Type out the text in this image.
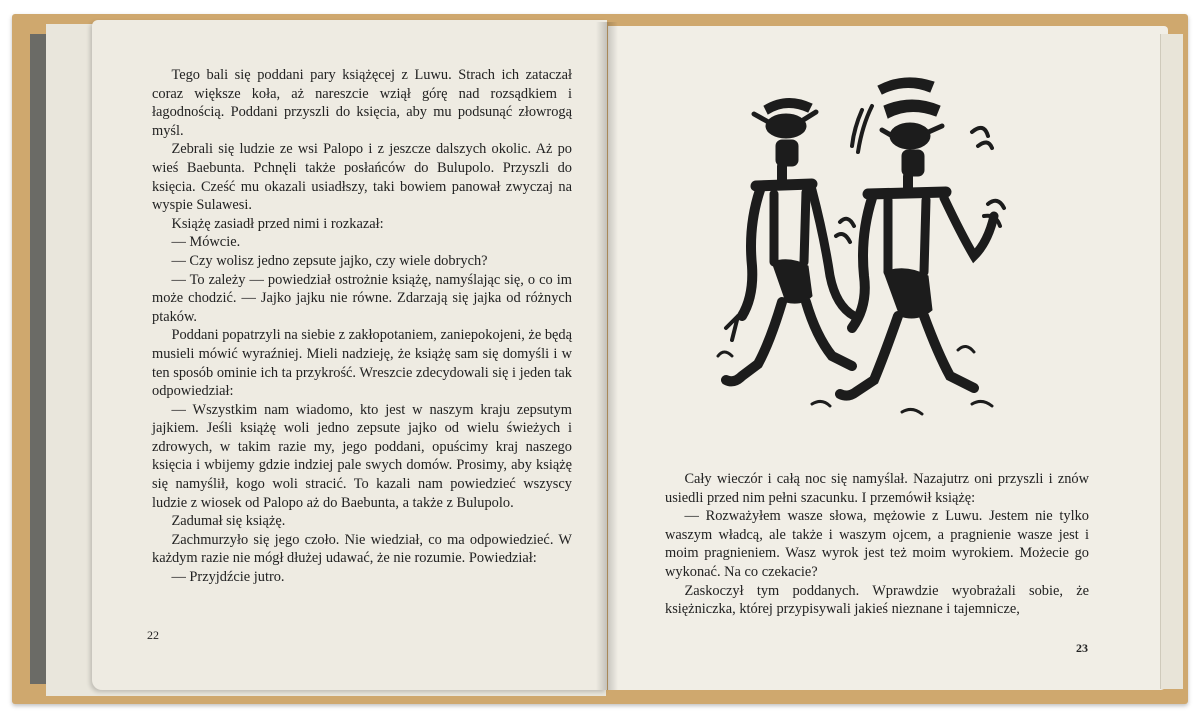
Tego bali się poddani pary książęcej z Luwu. Strach ich zataczał coraz większe koła, aż nareszcie wziął górę nad rozsądkiem i łagodnością. Poddani przyszli do księcia, aby mu podsunąć złowrogą myśl.

Zebrali się ludzie ze wsi Palopo i z jeszcze dalszych okolic. Aż po wieś Baebunta. Pchnęli także posłańców do Bulupolo. Przyszli do księcia. Cześć mu okazali usiadłszy, taki bowiem panował zwyczaj na wyspie Sulawesi.

Książę zasiadł przed nimi i rozkazał:

— Mówcie.

— Czy wolisz jedno zepsute jajko, czy wiele dobrych?

— To zależy — powiedział ostrożnie książę, namyślając się, o co im może chodzić. — Jajko jajku nie równe. Zdarzają się jajka od różnych ptaków.

Poddani popatrzyli na siebie z zakłopotaniem, zaniepokojeni, że będą musieli mówić wyraźniej. Mieli nadzieję, że książę sam się domyśli i w ten sposób ominie ich ta przykrość. Wreszcie zdecydowali się i jeden tak odpowiedział:

— Wszystkim nam wiadomo, kto jest w naszym kraju zepsutym jajkiem. Jeśli książę woli jedno zepsute jajko od wielu świeżych i zdrowych, w takim razie my, jego poddani, opuścimy kraj naszego księcia i wbijemy gdzie indziej pale swych domów. Prosimy, aby książę się namyślił, kogo woli stracić. To kazali nam powiedzieć wszyscy ludzie z wiosek od Palopo aż do Baebunta, a także z Bulupolo.

Zadumał się książę.

Zachmurzyło się jego czoło. Nie wiedział, co ma odpowiedzieć. W każdym razie nie mógł dłużej udawać, że nie rozumie. Powiedział:

— Przyjdźcie jutro.

22

Cały wieczór i całą noc się namyślał. Nazajutrz oni przyszli i znów usiedli przed nim pełni szacunku. I przemówił książę:

— Rozważyłem wasze słowa, mężowie z Luwu. Jestem nie tylko waszym władcą, ale także i waszym ojcem, a pragnienie wasze jest i moim pragnieniem. Wasz wyrok jest też moim wyrokiem. Możecie go wykonać. Na co czekacie?

Zaskoczył tym poddanych. Wprawdzie wyobrażali sobie, że księżniczka, której przypisywali jakieś nieznane i tajemnicze,

23
